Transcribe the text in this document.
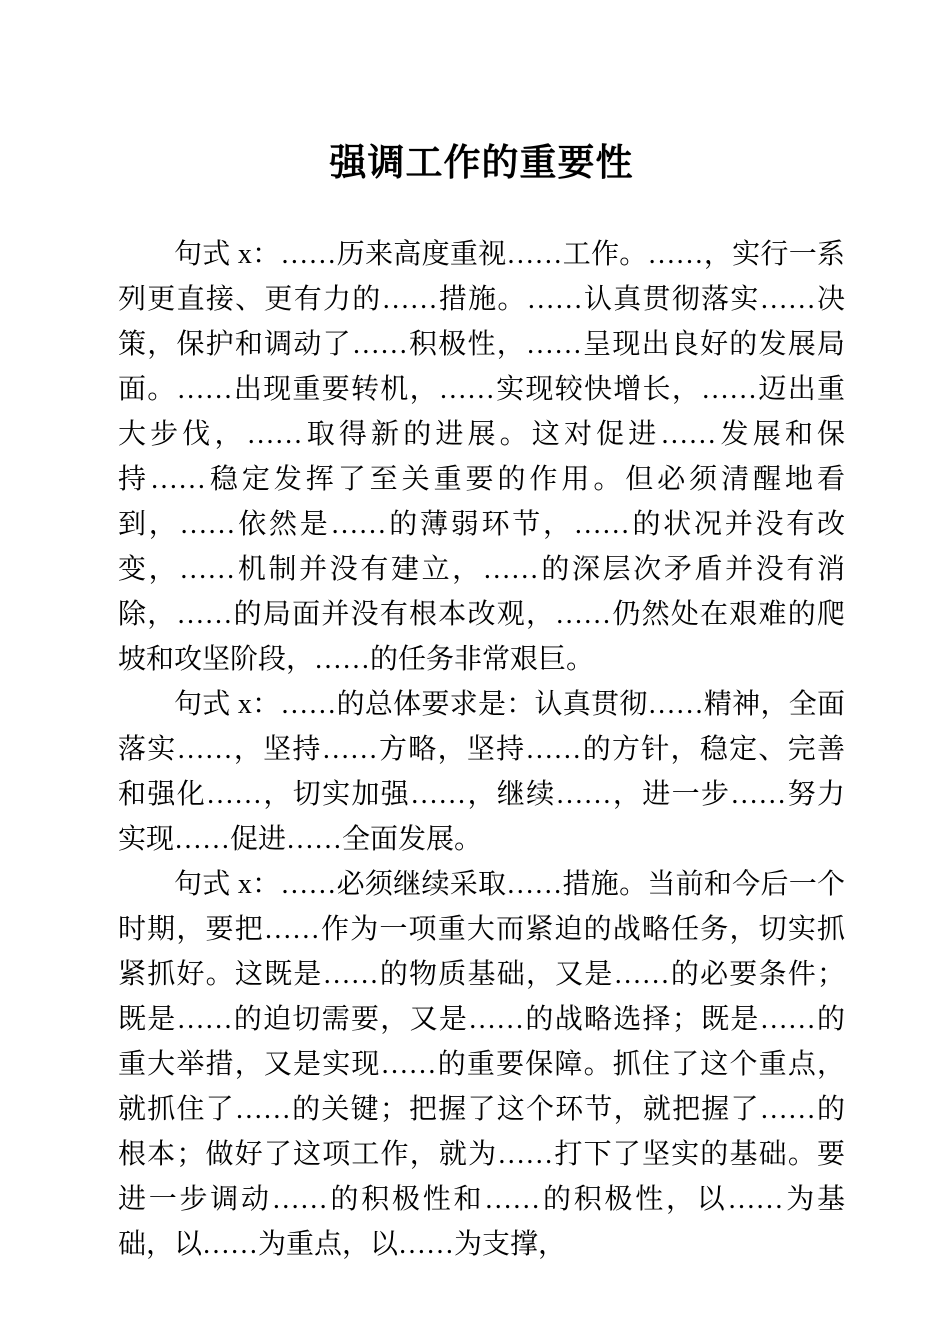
强调工作的重要性

句式 x：……历来高度重视……工作。……，实行一系列更直接、更有力的……措施。……认真贯彻落实……决策，保护和调动了……积极性，……呈现出良好的发展局面。……出现重要转机，……实现较快增长，……迈出重大步伐，……取得新的进展。这对促进……发展和保持……稳定发挥了至关重要的作用。但必须清醒地看到，……依然是……的薄弱环节，……的状况并没有改变，……机制并没有建立，……的深层次矛盾并没有消除，……的局面并没有根本改观，……仍然处在艰难的爬坡和攻坚阶段，……的任务非常艰巨。

句式 x：……的总体要求是：认真贯彻……精神，全面落实……，坚持……方略，坚持……的方针，稳定、完善和强化……，切实加强……，继续……，进一步……努力实现……促进……全面发展。

句式 x：……必须继续采取……措施。当前和今后一个时期，要把……作为一项重大而紧迫的战略任务，切实抓紧抓好。这既是……的物质基础，又是……的必要条件；既是……的迫切需要，又是……的战略选择；既是……的重大举措，又是实现……的重要保障。抓住了这个重点，就抓住了……的关键；把握了这个环节，就把握了……的根本；做好了这项工作，就为……打下了坚实的基础。要进一步调动……的积极性和……的积极性，以……为基础，以……为重点，以……为支撑，
